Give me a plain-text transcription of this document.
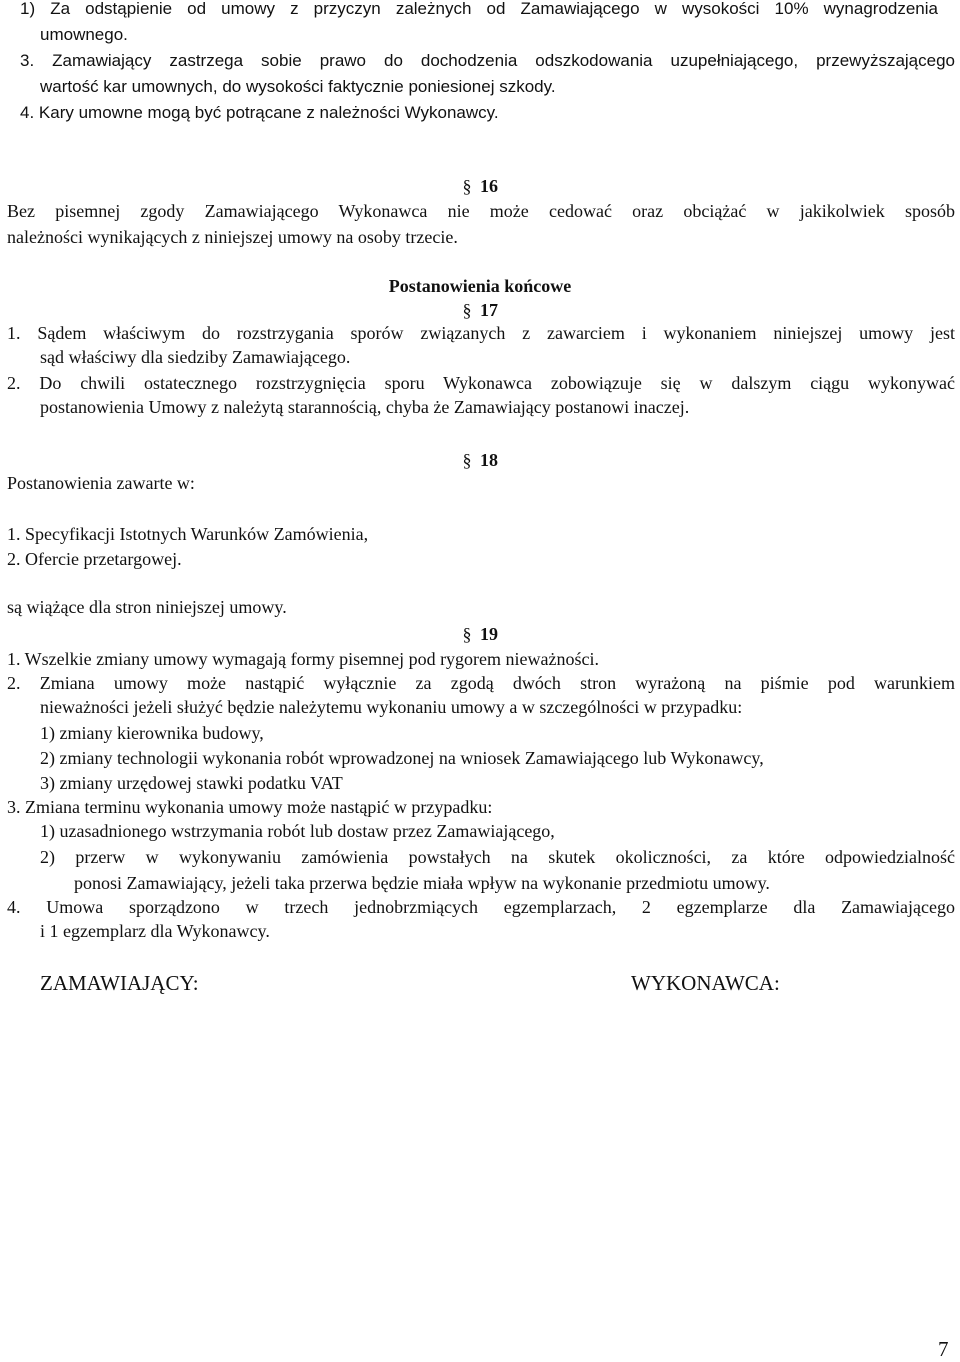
1) Za odstąpienie od umowy z przyczyn zależnych od Zamawiającego w wysokości 10% wynagrodzenia
umownego.
3. Zamawiający zastrzega sobie prawo do dochodzenia odszkodowania uzupełniającego, przewyższającego
wartość kar umownych, do wysokości faktycznie poniesionej szkody.
4. Kary umowne mogą być potrącane z należności Wykonawcy.
§ 16
Bez pisemnej zgody Zamawiającego Wykonawca nie może cedować oraz obciążać w jakikolwiek sposób
należności wynikających z niniejszej umowy na osoby trzecie.
Postanowienia końcowe
§ 17
1. Sądem właściwym do rozstrzygania sporów związanych z zawarciem i wykonaniem niniejszej umowy jest
sąd właściwy dla siedziby Zamawiającego.
2. Do chwili ostatecznego rozstrzygnięcia sporu Wykonawca zobowiązuje się w dalszym ciągu wykonywać
postanowienia Umowy z należytą starannością, chyba że Zamawiający postanowi inaczej.
§ 18
Postanowienia zawarte w:
1. Specyfikacji Istotnych Warunków Zamówienia,
2. Ofercie przetargowej.
są wiążące dla stron niniejszej umowy.
§ 19
1. Wszelkie zmiany umowy wymagają formy pisemnej pod rygorem nieważności.
2. Zmiana umowy może nastąpić wyłącznie za zgodą dwóch stron wyrażoną na piśmie pod warunkiem
nieważności jeżeli służyć będzie należytemu wykonaniu umowy a w szczególności w przypadku:
1) zmiany kierownika budowy,
2) zmiany technologii wykonania robót wprowadzonej na wniosek Zamawiającego lub Wykonawcy,
3) zmiany urzędowej stawki podatku VAT
3. Zmiana terminu wykonania umowy może nastąpić w przypadku:
1) uzasadnionego wstrzymania robót lub dostaw przez Zamawiającego,
2) przerw w wykonywaniu zamówienia powstałych na skutek okoliczności, za które odpowiedzialność
ponosi Zamawiający, jeżeli taka przerwa będzie miała wpływ na wykonanie przedmiotu umowy.
4. Umowa sporządzono w trzech jednobrzmiących egzemplarzach, 2 egzemplarze dla Zamawiającego
i 1 egzemplarz dla Wykonawcy.
ZAMAWIAJĄCY:	WYKONAWCA:
7
